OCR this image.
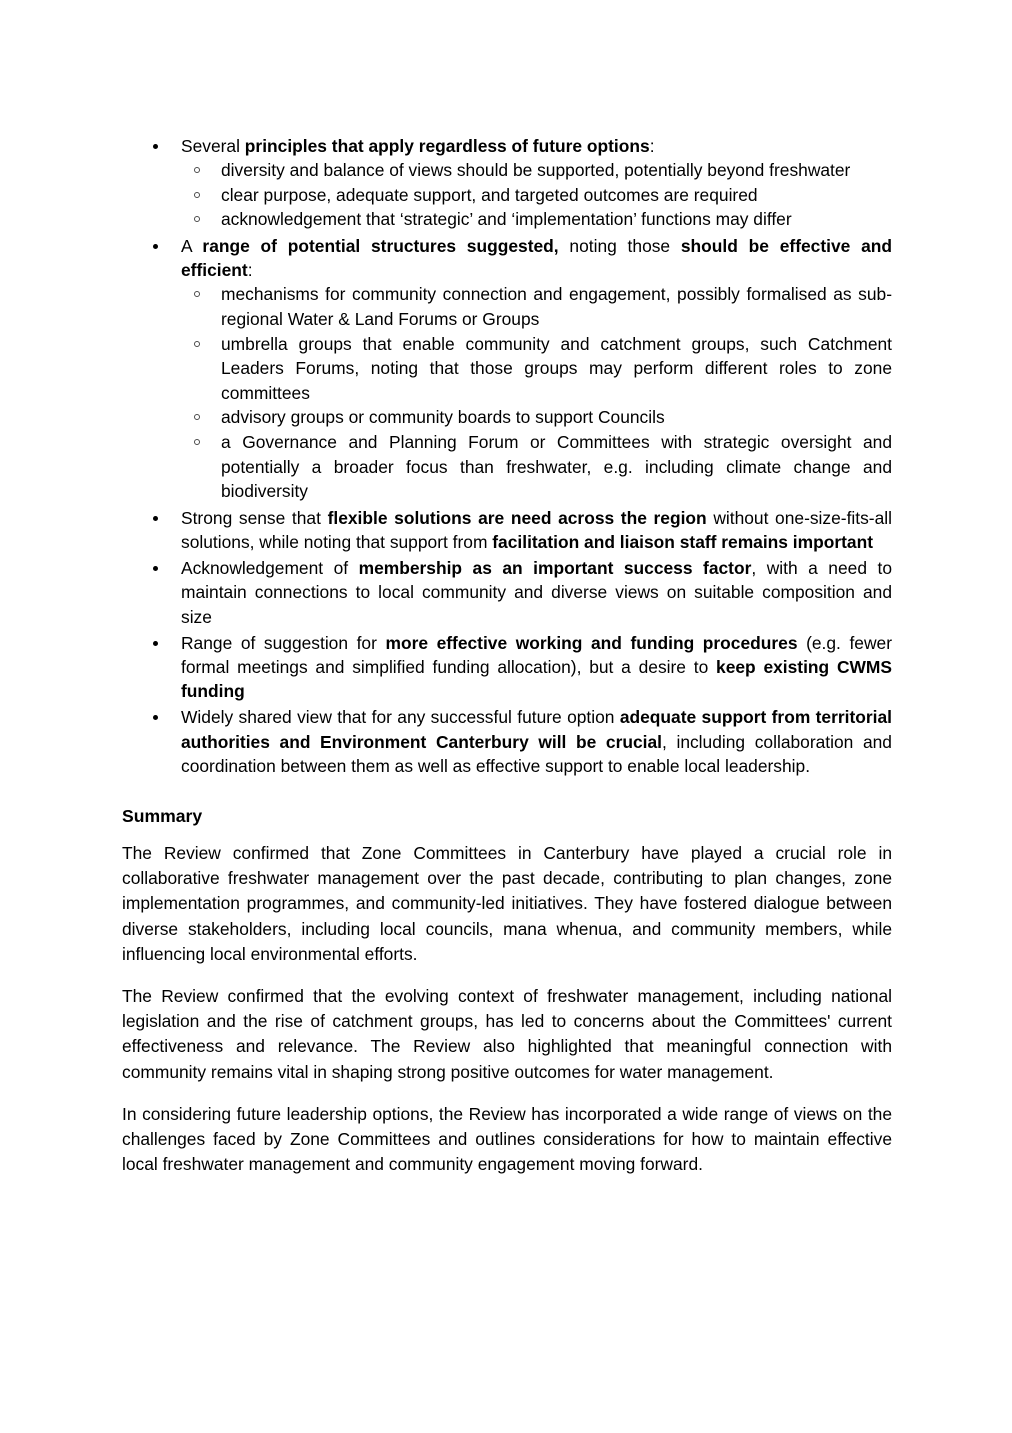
Several principles that apply regardless of future options:
diversity and balance of views should be supported, potentially beyond freshwater
clear purpose, adequate support, and targeted outcomes are required
acknowledgement that ‘strategic’ and ‘implementation’ functions may differ
A range of potential structures suggested, noting those should be effective and efficient:
mechanisms for community connection and engagement, possibly formalised as sub-regional Water & Land Forums or Groups
umbrella groups that enable community and catchment groups, such Catchment Leaders Forums, noting that those groups may perform different roles to zone committees
advisory groups or community boards to support Councils
a Governance and Planning Forum or Committees with strategic oversight and potentially a broader focus than freshwater, e.g. including climate change and biodiversity
Strong sense that flexible solutions are need across the region without one-size-fits-all solutions, while noting that support from facilitation and liaison staff remains important
Acknowledgement of membership as an important success factor, with a need to maintain connections to local community and diverse views on suitable composition and size
Range of suggestion for more effective working and funding procedures (e.g. fewer formal meetings and simplified funding allocation), but a desire to keep existing CWMS funding
Widely shared view that for any successful future option adequate support from territorial authorities and Environment Canterbury will be crucial, including collaboration and coordination between them as well as effective support to enable local leadership.
Summary

The Review confirmed that Zone Committees in Canterbury have played a crucial role in collaborative freshwater management over the past decade, contributing to plan changes, zone implementation programmes, and community-led initiatives. They have fostered dialogue between diverse stakeholders, including local councils, mana whenua, and community members, while influencing local environmental efforts.

The Review confirmed that the evolving context of freshwater management, including national legislation and the rise of catchment groups, has led to concerns about the Committees' current effectiveness and relevance. The Review also highlighted that meaningful connection with community remains vital in shaping strong positive outcomes for water management.

In considering future leadership options, the Review has incorporated a wide range of views on the challenges faced by Zone Committees and outlines considerations for how to maintain effective local freshwater management and community engagement moving forward.
